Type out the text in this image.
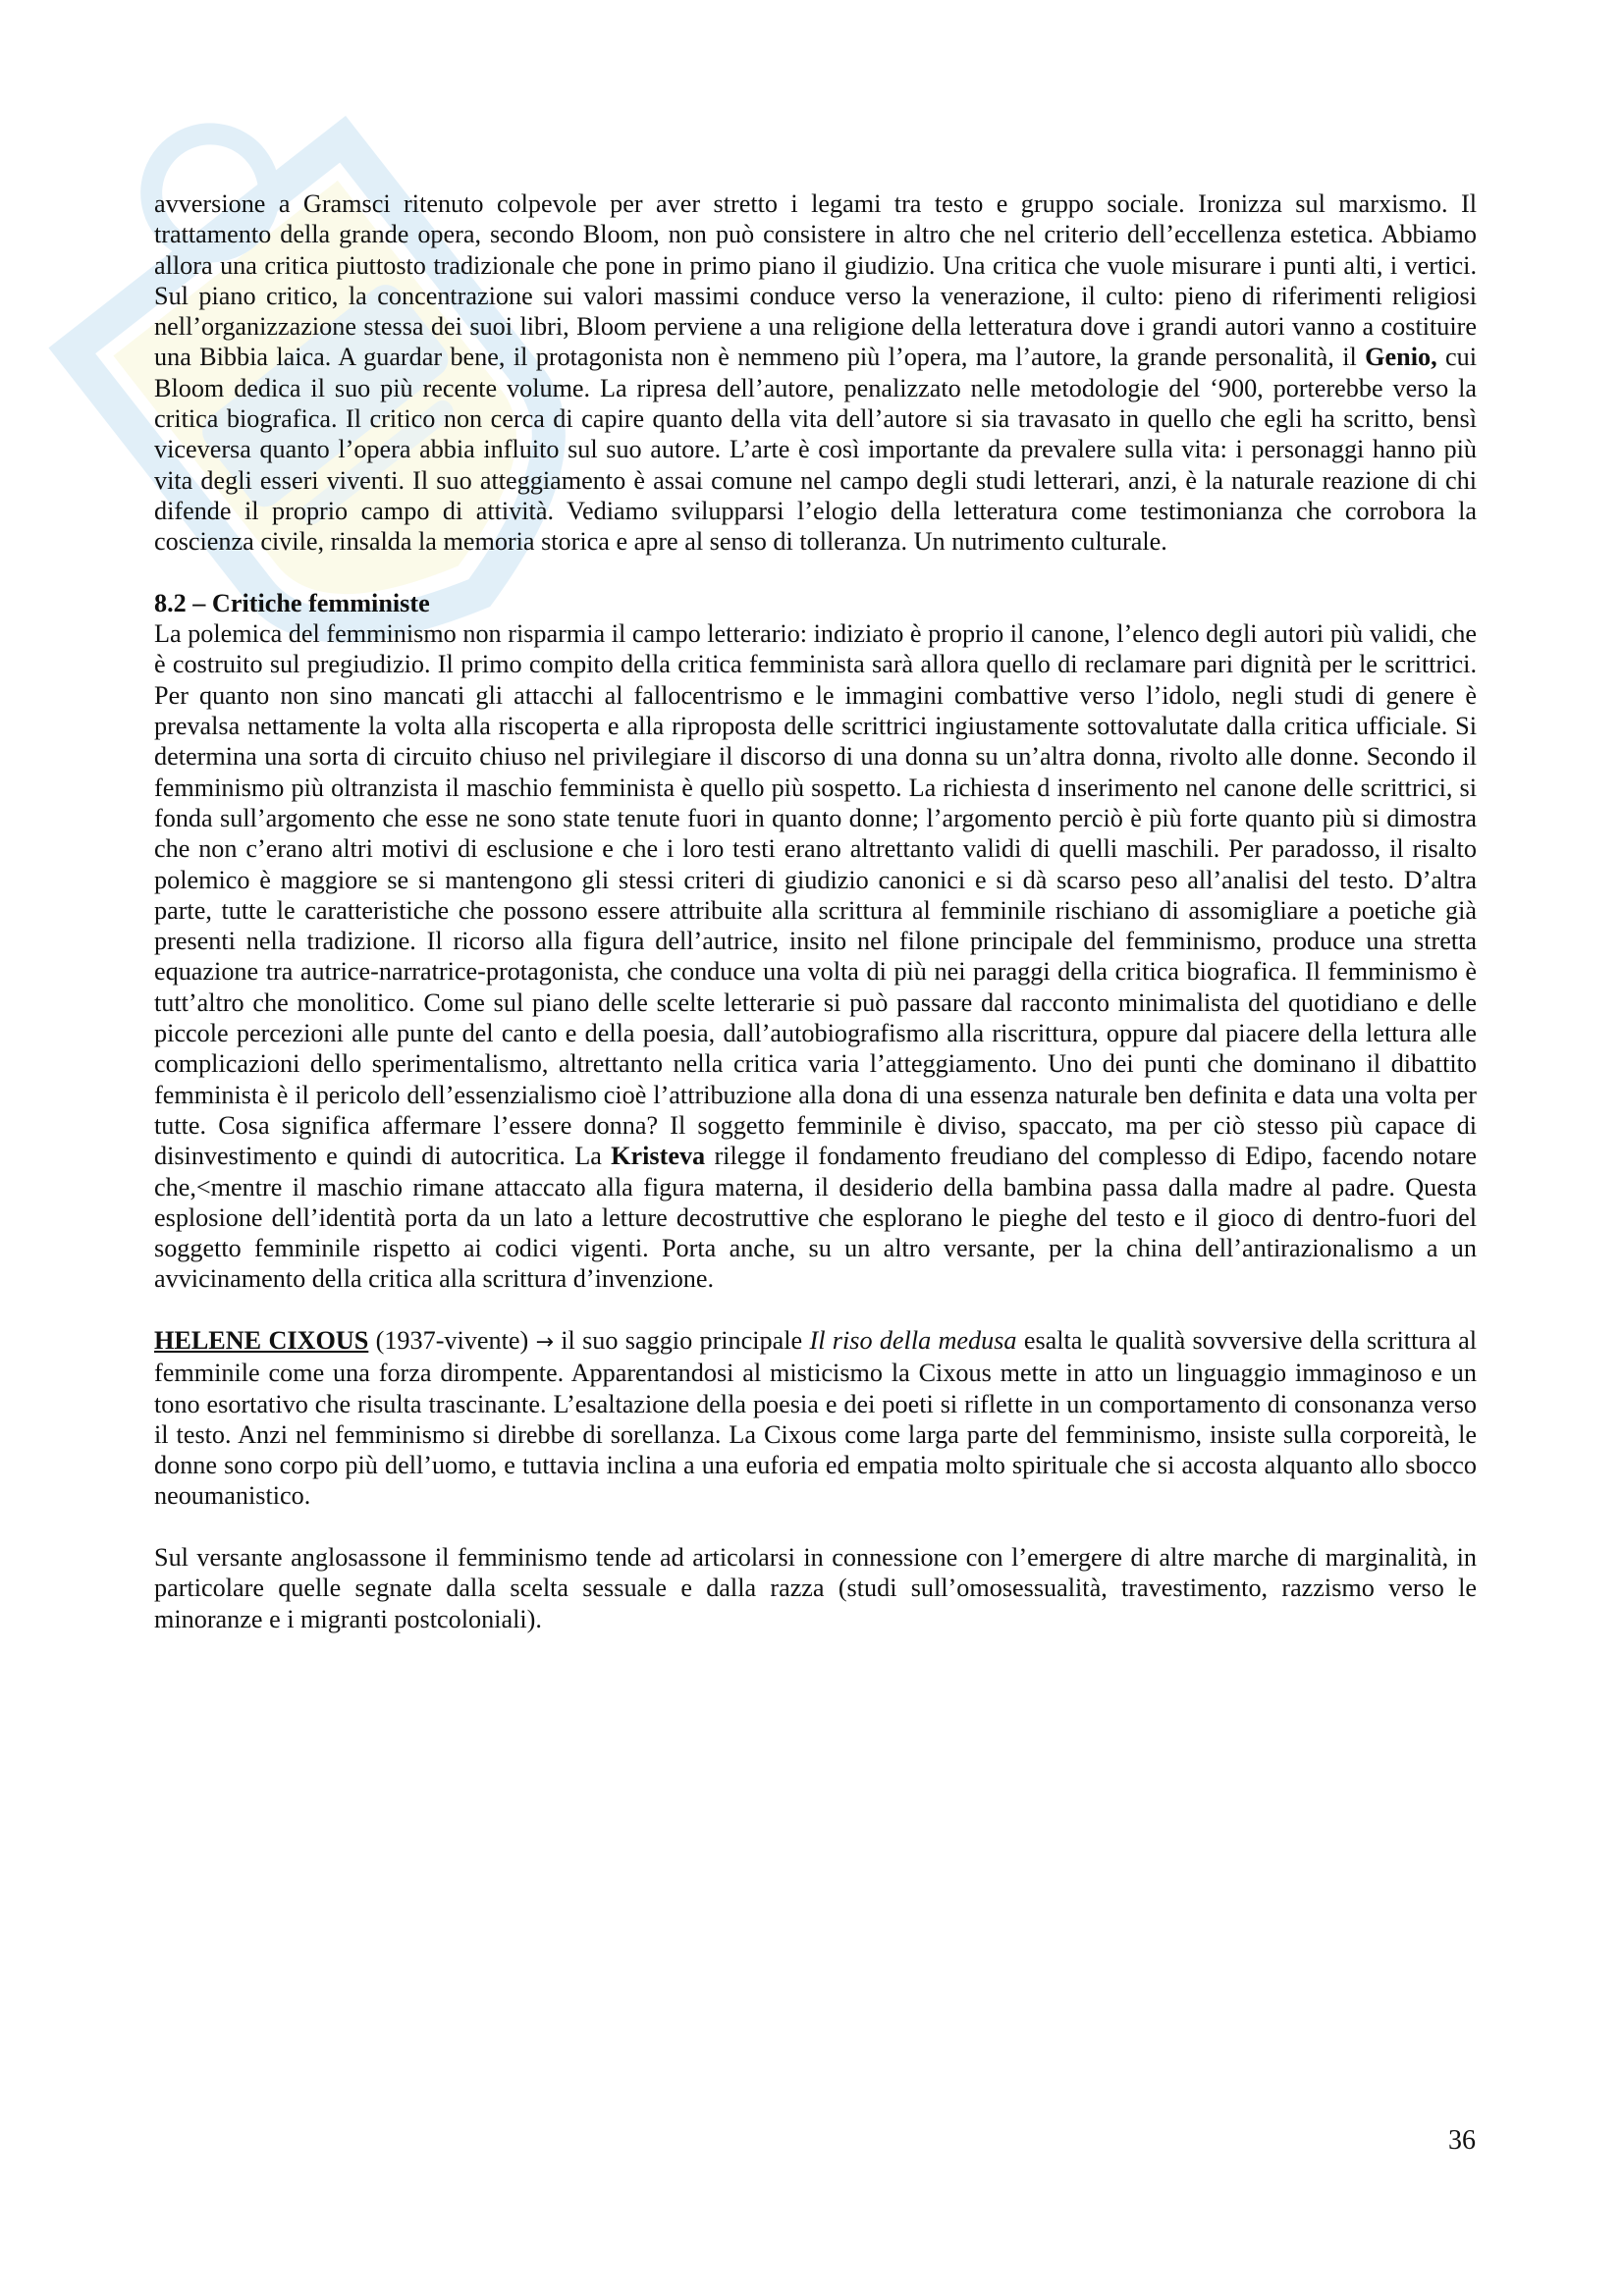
avversione a Gramsci ritenuto colpevole per aver stretto i legami tra testo e gruppo sociale. Ironizza sul marxismo. Il trattamento della grande opera, secondo Bloom, non può consistere in altro che nel criterio dell’eccellenza estetica. Abbiamo allora una critica piuttosto tradizionale che pone in primo piano il giudizio. Una critica che vuole misurare i punti alti, i vertici. Sul piano critico, la concentrazione sui valori massimi conduce verso la venerazione, il culto: pieno di riferimenti religiosi nell’organizzazione stessa dei suoi libri, Bloom perviene a una religione della letteratura dove i grandi autori vanno a costituire una Bibbia laica. A guardar bene, il protagonista non è nemmeno più l’opera, ma l’autore, la grande personalità, il Genio, cui Bloom dedica il suo più recente volume. La ripresa dell’autore, penalizzato nelle metodologie del ‘900, porterebbe verso la critica biografica. Il critico non cerca di capire quanto della vita dell’autore si sia travasato in quello che egli ha scritto, bensì viceversa quanto l’opera abbia influito sul suo autore. L’arte è così importante da prevalere sulla vita: i personaggi hanno più vita degli esseri viventi. Il suo atteggiamento è assai comune nel campo degli studi letterari, anzi, è la naturale reazione di chi difende il proprio campo di attività. Vediamo svilupparsi l’elogio della letteratura come testimonianza che corrobora la coscienza civile, rinsalda la memoria storica e apre al senso di tolleranza. Un nutrimento culturale.

8.2 – Critiche femministe

La polemica del femminismo non risparmia il campo letterario: indiziato è proprio il canone, l’elenco degli autori più validi, che è costruito sul pregiudizio. Il primo compito della critica femminista sarà allora quello di reclamare pari dignità per le scrittrici. Per quanto non sino mancati gli attacchi al fallocentrismo e le immagini combattive verso l’idolo, negli studi di genere è prevalsa nettamente la volta alla riscoperta e alla riproposta delle scrittrici ingiustamente sottovalutate dalla critica ufficiale. Si determina una sorta di circuito chiuso nel privilegiare il discorso di una donna su un’altra donna, rivolto alle donne. Secondo il femminismo più oltranzista il maschio femminista è quello più sospetto. La richiesta d inserimento nel canone delle scrittrici, si fonda sull’argomento che esse ne sono state tenute fuori in quanto donne; l’argomento perciò è più forte quanto più si dimostra che non c’erano altri motivi di esclusione e che i loro testi erano altrettanto validi di quelli maschili. Per paradosso, il risalto polemico è maggiore se si mantengono gli stessi criteri di giudizio canonici e si dà scarso peso all’analisi del testo. D’altra parte, tutte le caratteristiche che possono essere attribuite alla scrittura al femminile rischiano di assomigliare a poetiche già presenti nella tradizione. Il ricorso alla figura dell’autrice, insito nel filone principale del femminismo, produce una stretta equazione tra autrice-narratrice-protagonista, che conduce una volta di più nei paraggi della critica biografica. Il femminismo è tutt’altro che monolitico. Come sul piano delle scelte letterarie si può passare dal racconto minimalista del quotidiano e delle piccole percezioni alle punte del canto e della poesia, dall’autobiografismo alla riscrittura, oppure dal piacere della lettura alle complicazioni dello sperimentalismo, altrettanto nella critica varia l’atteggiamento. Uno dei punti che dominano il dibattito femminista è il pericolo dell’essenzialismo cioè l’attribuzione alla dona di una essenza naturale ben definita e data una volta per tutte. Cosa significa affermare l’essere donna? Il soggetto femminile è diviso, spaccato, ma per ciò stesso più capace di disinvestimento e quindi di autocritica. La Kristeva rilegge il fondamento freudiano del complesso di Edipo, facendo notare che,<mentre il maschio rimane attaccato alla figura materna, il desiderio della bambina passa dalla madre al padre. Questa esplosione dell’identità porta da un lato a letture decostruttive che esplorano le pieghe del testo e il gioco di dentro-fuori del soggetto femminile rispetto ai codici vigenti. Porta anche, su un altro versante, per la china dell’antirazionalismo a un avvicinamento della critica alla scrittura d’invenzione.

HELENE CIXOUS (1937-vivente) → il suo saggio principale Il riso della medusa esalta le qualità sovversive della scrittura al femminile come una forza dirompente. Apparentandosi al misticismo la Cixous mette in atto un linguaggio immaginoso e un tono esortativo che risulta trascinante. L’esaltazione della poesia e dei poeti si riflette in un comportamento di consonanza verso il testo. Anzi nel femminismo si direbbe di sorellanza. La Cixous come larga parte del femminismo, insiste sulla corporeità, le donne sono corpo più dell’uomo, e tuttavia inclina a una euforia ed empatia molto spirituale che si accosta alquanto allo sbocco neoumanistico.

Sul versante anglosassone il femminismo tende ad articolarsi in connessione con l’emergere di altre marche di marginalità, in particolare quelle segnate dalla scelta sessuale e dalla razza (studi sull’omosessualità, travestimento, razzismo verso le minoranze e i migranti postcoloniali).

36
